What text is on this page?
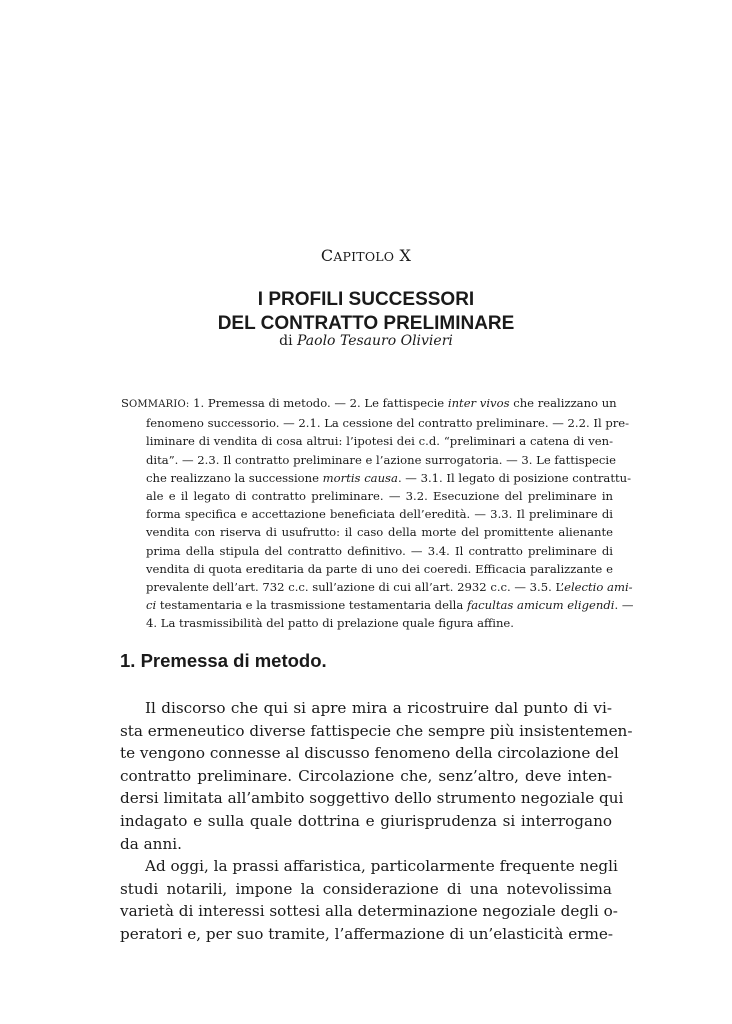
CAPITOLO X
I PROFILI SUCCESSORI
DEL CONTRATTO PRELIMINARE
di Paolo Tesauro Olivieri
SOMMARIO: 1. Premessa di metodo. — 2. Le fattispecie inter vivos che realizzano un
fenomeno successorio. — 2.1. La cessione del contratto preliminare. — 2.2. Il pre-
liminare di vendita di cosa altrui: l’ipotesi dei c.d. “preliminari a catena di ven-
dita”. — 2.3. Il contratto preliminare e l’azione surrogatoria. — 3. Le fattispecie
che realizzano la successione mortis causa. — 3.1. Il legato di posizione contrattu-
ale e il legato di contratto preliminare. — 3.2. Esecuzione del preliminare in
forma specifica e accettazione beneficiata dell’eredità. — 3.3. Il preliminare di
vendita con riserva di usufrutto: il caso della morte del promittente alienante
prima della stipula del contratto definitivo. — 3.4. Il contratto preliminare di
vendita di quota ereditaria da parte di uno dei coeredi. Efficacia paralizzante e
prevalente dell’art. 732 c.c. sull’azione di cui all’art. 2932 c.c. — 3.5. L’electio ami-
ci testamentaria e la trasmissione testamentaria della facultas amicum eligendi. —
4. La trasmissibilità del patto di prelazione quale figura affine.
1. Premessa di metodo.
Il discorso che qui si apre mira a ricostruire dal punto di vi-
sta ermeneutico diverse fattispecie che sempre più insistentemen-
te vengono connesse al discusso fenomeno della circolazione del
contratto preliminare. Circolazione che, senz’altro, deve inten-
dersi limitata all’ambito soggettivo dello strumento negoziale qui
indagato e sulla quale dottrina e giurisprudenza si interrogano
da anni.
Ad oggi, la prassi affaristica, particolarmente frequente negli
studi notarili, impone la considerazione di una notevolissima
varietà di interessi sottesi alla determinazione negoziale degli o-
peratori e, per suo tramite, l’affermazione di un’elasticità erme-
